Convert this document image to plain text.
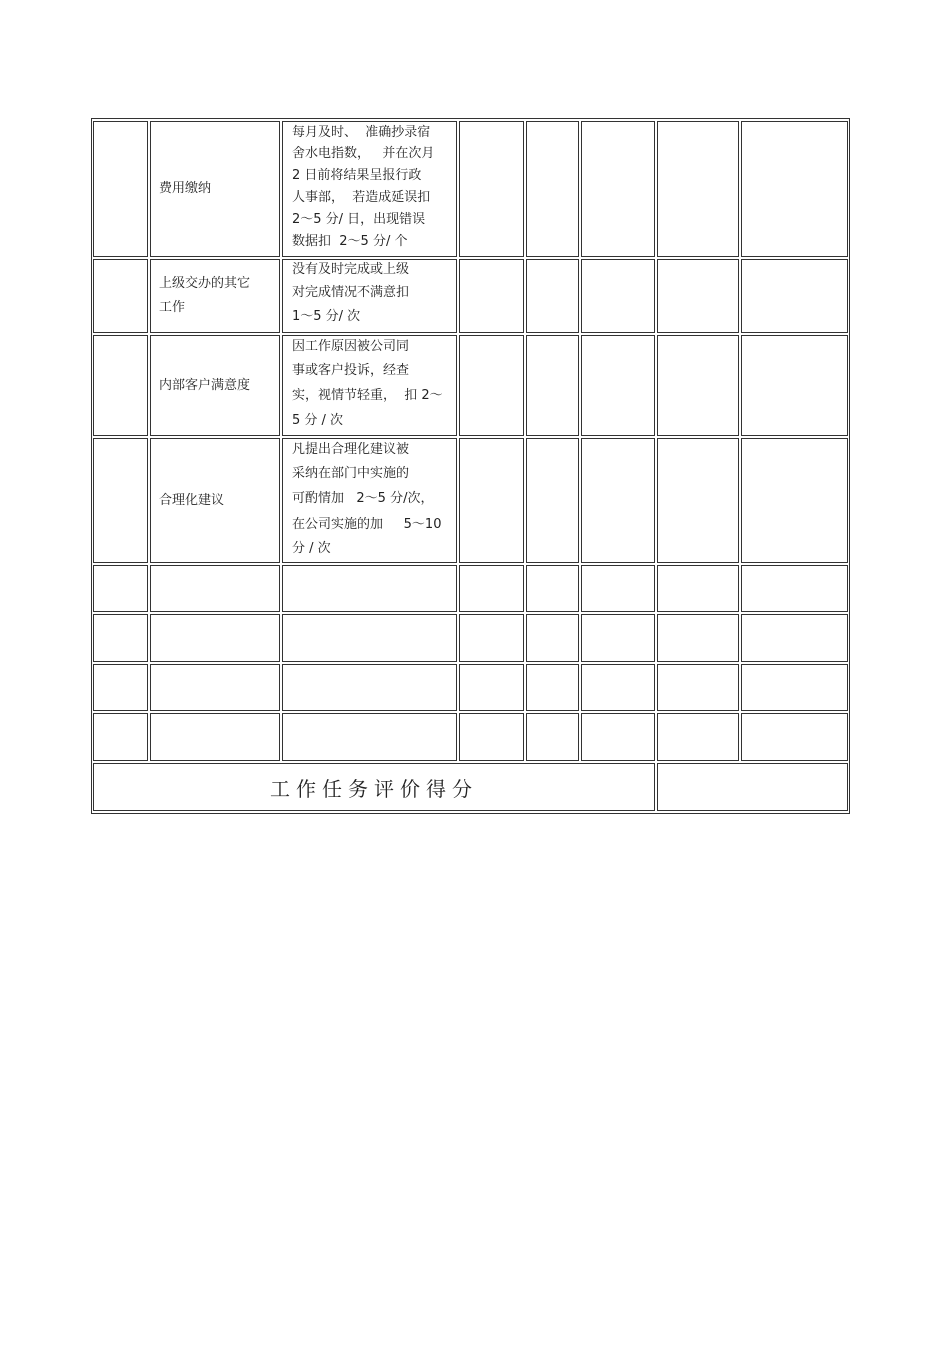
费用缴纳
每月及时、  准确抄录宿
舍水电指数，   并在次月
2 日前将结果呈报行政
人事部，  若造成延误扣
2～5 分/ 日，出现错误
数据扣  2～5 分/ 个
上级交办的其它
工作
没有及时完成或上级
对完成情况不满意扣
1～5 分/ 次
内部客户满意度
因工作原因被公司同
事或客户投诉，经查
实，视情节轻重，  扣 2～
5 分 / 次
合理化建议
凡提出合理化建议被
采纳在部门中实施的
可酌情加   2～5 分/次，
在公司实施的加     5～10
分 / 次
工作任务评价得分
